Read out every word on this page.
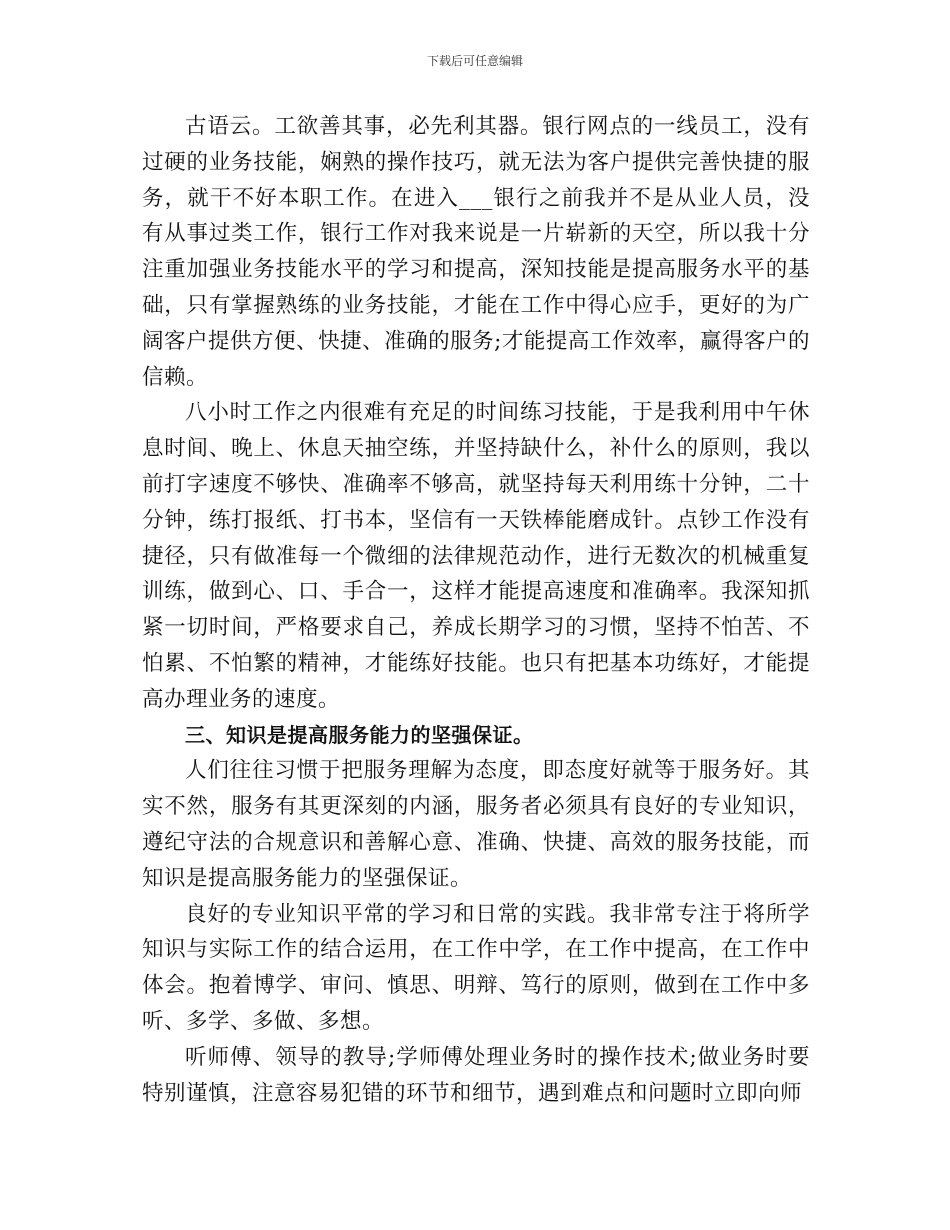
下载后可任意编辑

古语云。工欲善其事，必先利其器。银行网点的一线员工，没有过硬的业务技能，娴熟的操作技巧，就无法为客户提供完善快捷的服务，就干不好本职工作。在进入___银行之前我并不是从业人员，没有从事过类工作，银行工作对我来说是一片崭新的天空，所以我十分注重加强业务技能水平的学习和提高，深知技能是提高服务水平的基础，只有掌握熟练的业务技能，才能在工作中得心应手，更好的为广阔客户提供方便、快捷、准确的服务;才能提高工作效率，赢得客户的信赖。

八小时工作之内很难有充足的时间练习技能，于是我利用中午休息时间、晚上、休息天抽空练，并坚持缺什么，补什么的原则，我以前打字速度不够快、准确率不够高，就坚持每天利用练十分钟，二十分钟，练打报纸、打书本，坚信有一天铁棒能磨成针。点钞工作没有捷径，只有做准每一个微细的法律规范动作，进行无数次的机械重复训练，做到心、口、手合一，这样才能提高速度和准确率。我深知抓紧一切时间，严格要求自己，养成长期学习的习惯，坚持不怕苦、不怕累、不怕繁的精神，才能练好技能。也只有把基本功练好，才能提高办理业务的速度。

三、知识是提高服务能力的坚强保证。

人们往往习惯于把服务理解为态度，即态度好就等于服务好。其实不然，服务有其更深刻的内涵，服务者必须具有良好的专业知识，遵纪守法的合规意识和善解心意、准确、快捷、高效的服务技能，而知识是提高服务能力的坚强保证。

良好的专业知识平常的学习和日常的实践。我非常专注于将所学知识与实际工作的结合运用，在工作中学，在工作中提高，在工作中体会。抱着博学、审问、慎思、明辩、笃行的原则，做到在工作中多听、多学、多做、多想。

听师傅、领导的教导;学师傅处理业务时的操作技术;做业务时要特别谨慎，注意容易犯错的环节和细节，遇到难点和问题时立即向师
